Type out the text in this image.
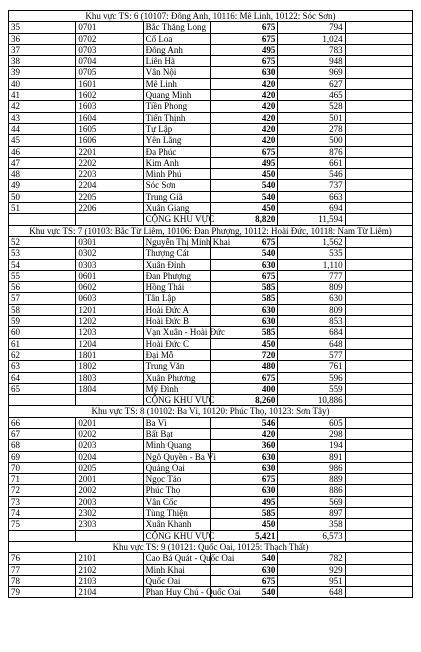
Khu vực TS: 6 (10107: Đông Anh, 10116: Mê Linh, 10122: Sóc Sơn)					
35	0701	Bắc Thăng Long	675	794	
36	0702	Cổ Loa	675	1,024	
37	0703	Đông Anh	495	783	
38	0704	Liên Hà	675	948	
39	0705	Vân Nội	630	969	
40	1601	Mê Linh	420	627	
41	1602	Quang Minh	420	465	
42	1603	Tiền Phong	420	528	
43	1604	Tiến Thịnh	420	501	
44	1605	Tự Lập	420	278	
45	1606	Yên Lãng	420	500	
46	2201	Đa Phúc	675	876	
47	2202	Kim Anh	495	661	
48	2203	Minh Phú	450	546	
49	2204	Sóc Sơn	540	737	
50	2205	Trung Giã	540	663	
51	2206	Xuân Giang	450	694	
		CỘNG KHU VỰC	8,820	11,594	
Khu vực TS: 7 (10103: Bắc Từ Liêm, 10106: Đan Phượng, 10112: Hoài Đức, 10118: Nam Từ Liêm)					
52	0301	Nguyễn Thị Minh Khai	675	1,562	
53	0302	Thượng Cát	540	535	
54	0303	Xuân Đỉnh	630	1,110	
55	0601	Đan Phượng	675	777	
56	0602	Hồng Thái	585	809	
57	0603	Tân Lập	585	630	
58	1201	Hoài Đức A	630	809	
59	1202	Hoài Đức B	630	853	
60	1203	Vạn Xuân - Hoài Đức	585	684	
61	1204	Hoài Đức C	450	648	
62	1801	Đại Mỗ	720	577	
63	1802	Trung Văn	480	761	
64	1803	Xuân Phương	675	596	
65	1804	Mỹ Đình	400	559	
		CỘNG KHU VỰC	8,260	10,886	
Khu vực TS: 8 (10102: Ba Vì, 10120: Phúc Thọ, 10123: Sơn Tây)					
66	0201	Ba Vì	546	605	
67	0202	Bất Bạt	420	298	
68	0203	Minh Quang	360	194	
69	0204	Ngô Quyền - Ba Vì	630	891	
70	0205	Quảng Oai	630	986	
71	2001	Ngọc Tảo	675	889	
72	2002	Phúc Thọ	630	886	
73	2003	Vân Cốc	495	569	
74	2302	Tùng Thiện	585	897	
75	2303	Xuân Khanh	450	358	
		CỘNG KHU VỰC	5,421	6,573	
Khu vực TS: 9 (10121: Quốc Oai, 10125: Thạch Thất)					
76	2101	Cao Bá Quát - Quốc Oai	540	782	
77	2102	Minh Khai	630	929	
78	2103	Quốc Oai	675	951	
79	2104	Phan Huy Chú - Quốc Oai	540	648	
